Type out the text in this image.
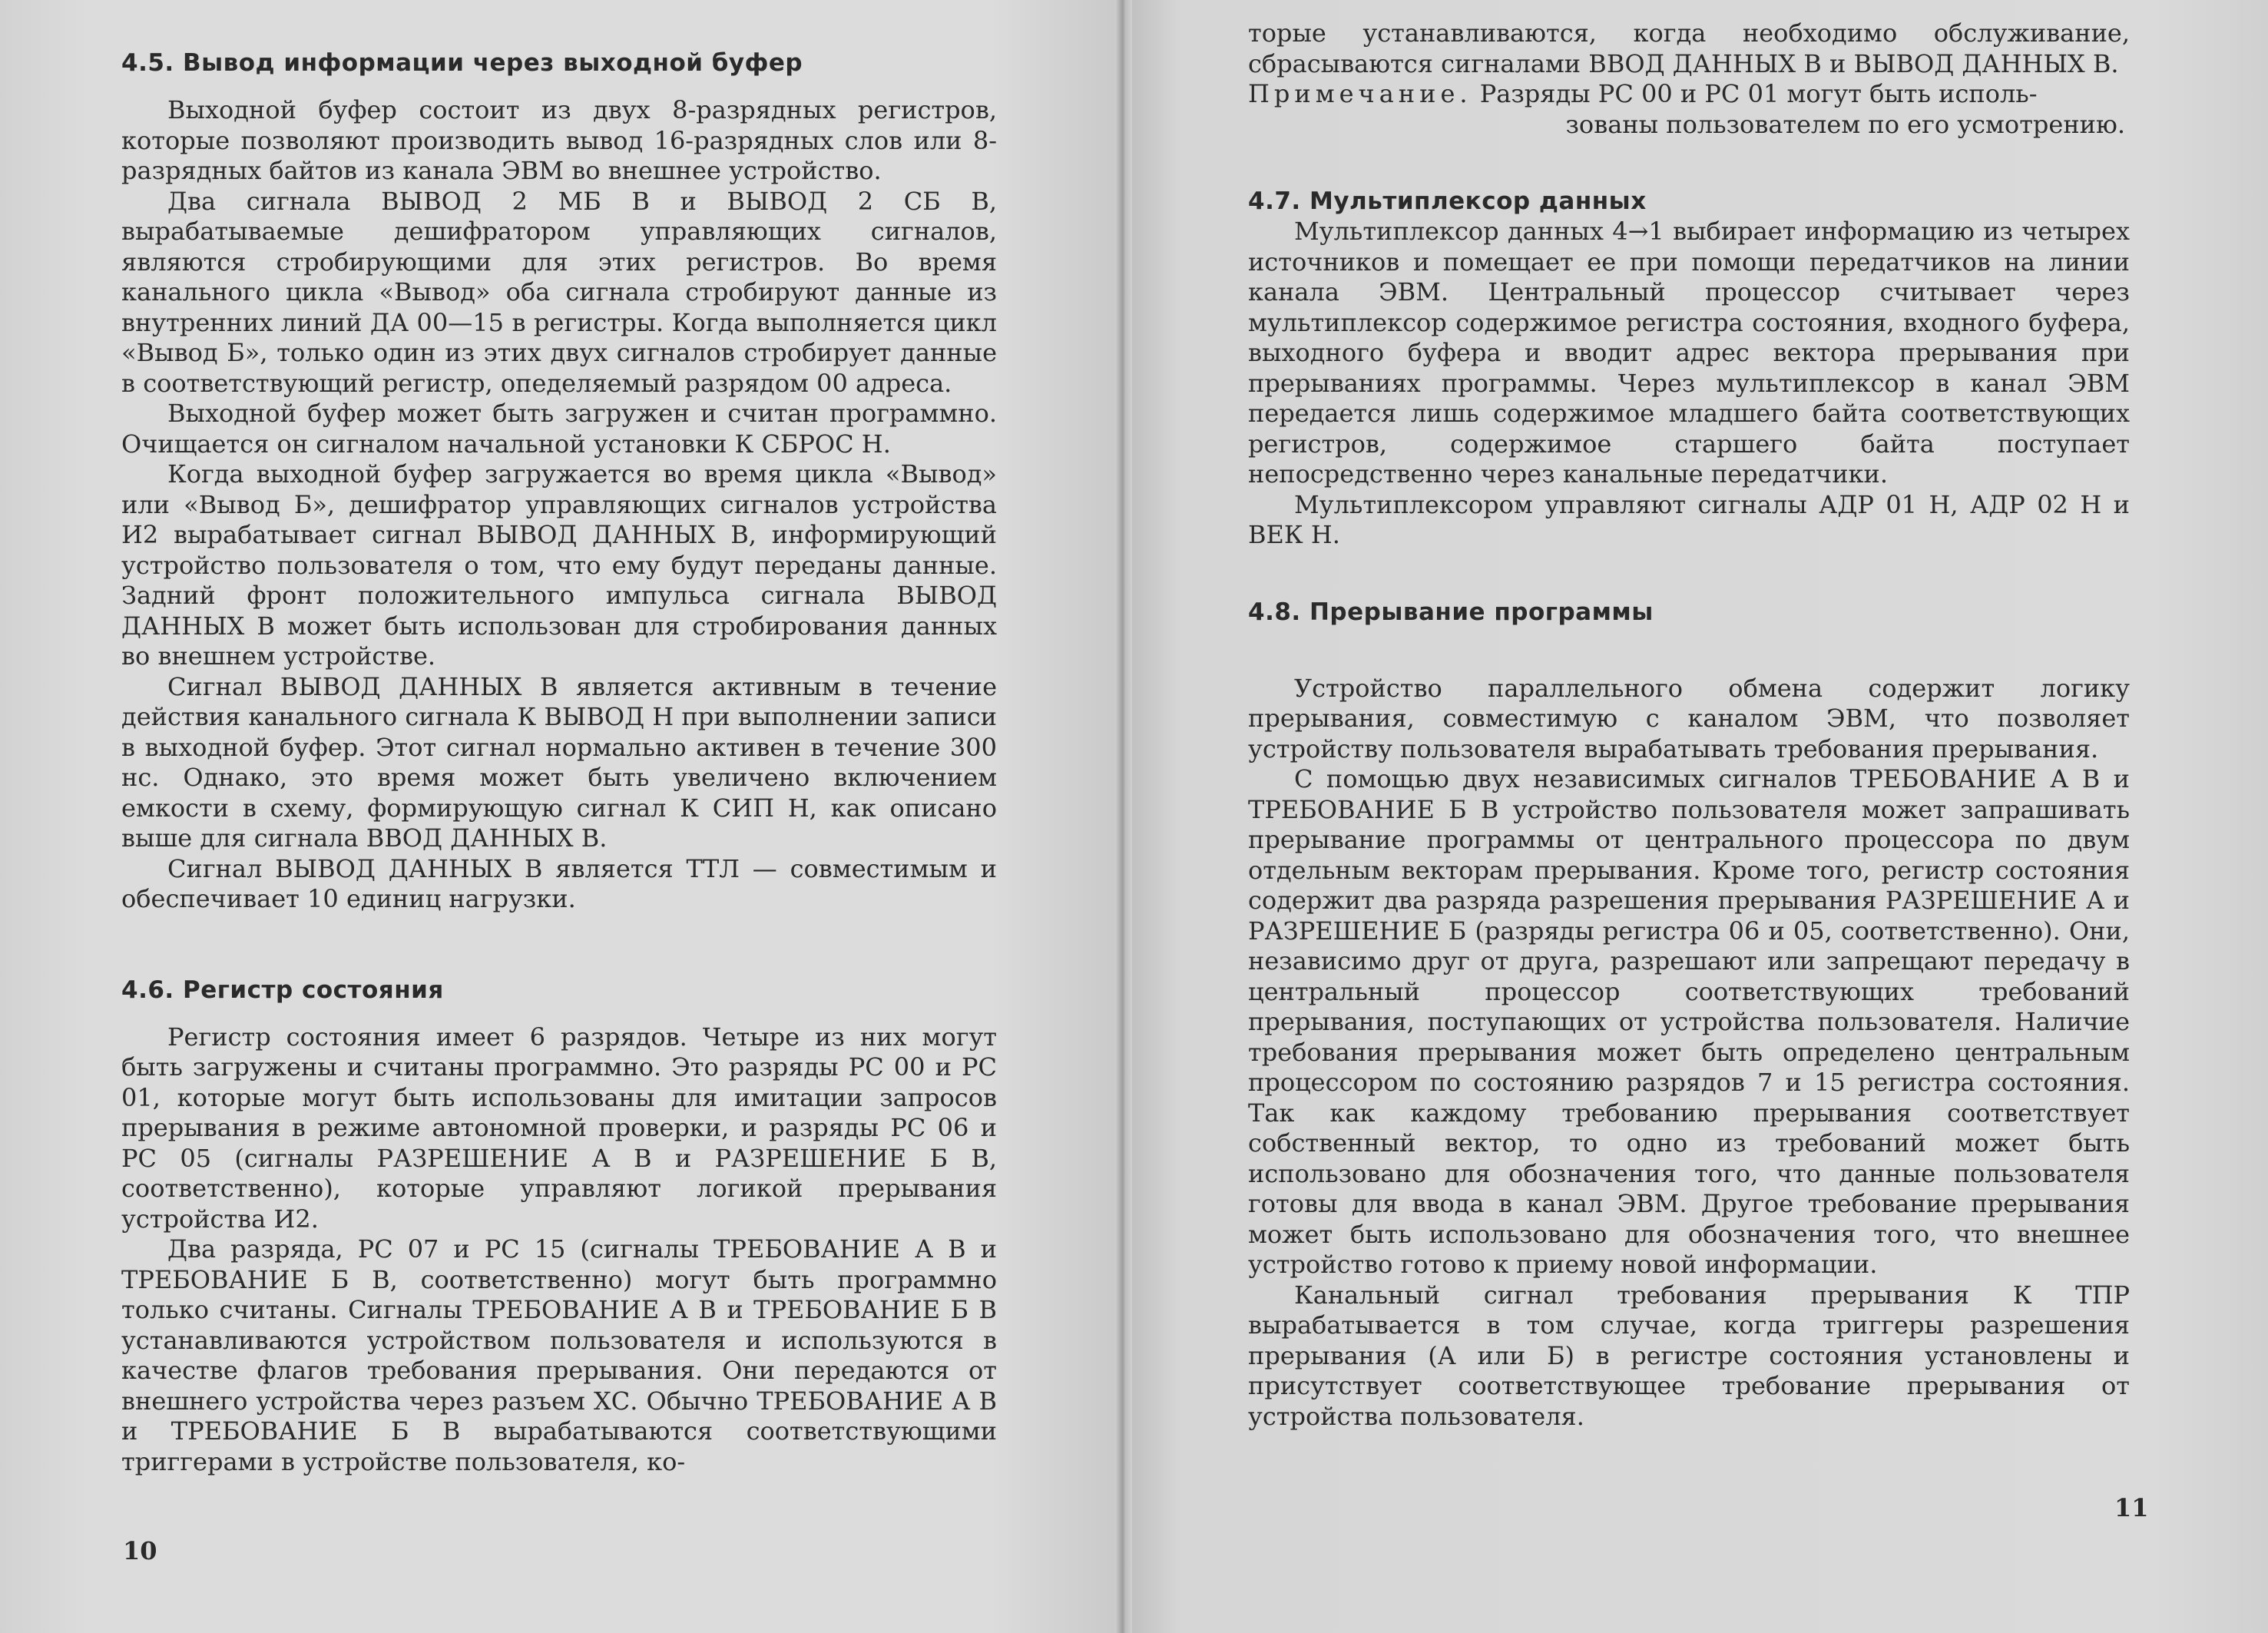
4.5. Вывод информации через выходной буфер

Выходной буфер состоит из двух 8-разрядных регистров, которые позволяют производить вывод 16-разрядных слов или 8-разрядных байтов из канала ЭВМ во внешнее устройство.

Два сигнала ВЫВОД 2 МБ В и ВЫВОД 2 СБ В, вырабатываемые дешифратором управляющих сигналов, являются стробирующими для этих регистров. Во время канального цикла «Вывод» оба сигнала стробируют данные из внутренних линий ДА 00—15 в регистры. Когда выполняется цикл «Вывод Б», только один из этих двух сигналов стробирует данные в соответствующий регистр, опеделяемый разрядом 00 адреса.

Выходной буфер может быть загружен и считан программно. Очищается он сигналом начальной установки К СБРОС Н.

Когда выходной буфер загружается во время цикла «Вывод» или «Вывод Б», дешифратор управляющих сигналов устройства И2 вырабатывает сигнал ВЫВОД ДАННЫХ В, информирующий устройство пользователя о том, что ему будут переданы данные. Задний фронт положительного импульса сигнала ВЫВОД ДАННЫХ В может быть использован для стробирования данных во внешнем устройстве.

Сигнал ВЫВОД ДАННЫХ В является активным в течение действия канального сигнала К ВЫВОД Н при выполнении записи в выходной буфер. Этот сигнал нормально активен в течение 300 нс. Однако, это время может быть увеличено включением емкости в схему, формирующую сигнал К СИП Н, как описано выше для сигнала ВВОД ДАННЫХ В.

Сигнал ВЫВОД ДАННЫХ В является ТТЛ — совместимым и обеспечивает 10 единиц нагрузки.

4.6. Регистр состояния

Регистр состояния имеет 6 разрядов. Четыре из них могут быть загружены и считаны программно. Это разряды РС 00 и РС 01, которые могут быть использованы для имитации запросов прерывания в режиме автономной проверки, и разряды РС 06 и РС 05 (сигналы РАЗРЕШЕНИЕ А В и РАЗРЕШЕНИЕ Б В, соответственно), которые управляют логикой прерывания устройства И2.

Два разряда, РС 07 и РС 15 (сигналы ТРЕБОВАНИЕ А В и ТРЕБОВАНИЕ Б В, соответственно) могут быть программно только считаны. Сигналы ТРЕБОВАНИЕ А В и ТРЕБОВАНИЕ Б В устанавливаются устройством пользователя и используются в качестве флагов требования прерывания. Они передаются от внешнего устройства через разъем ХС. Обычно ТРЕБОВАНИЕ А В и ТРЕБОВАНИЕ Б В вырабатываются соответствующими триггерами в устройстве пользователя, ко-

10

торые устанавливаются, когда необходимо обслуживание, сбрасываются сигналами ВВОД ДАННЫХ В и ВЫВОД ДАННЫХ В.

Примечание. Разряды РС 00 и РС 01 могут быть исполь-

зованы пользователем по его усмотрению.

4.7. Мультиплексор данных

Мультиплексор данных 4→1 выбирает информацию из четырех источников и помещает ее при помощи передатчиков на линии канала ЭВМ. Центральный процессор считывает через мультиплексор содержимое регистра состояния, входного буфера, выходного буфера и вводит адрес вектора прерывания при прерываниях программы. Через мультиплексор в канал ЭВМ передается лишь содержимое младшего байта соответствующих регистров, содержимое старшего байта поступает непосредственно через канальные передатчики.

Мультиплексором управляют сигналы АДР 01 Н, АДР 02 Н и ВЕК Н.

4.8. Прерывание программы

Устройство параллельного обмена содержит логику прерывания, совместимую с каналом ЭВМ, что позволяет устройству пользователя вырабатывать требования прерывания.

С помощью двух независимых сигналов ТРЕБОВАНИЕ А В и ТРЕБОВАНИЕ Б В устройство пользователя может запрашивать прерывание программы от центрального процессора по двум отдельным векторам прерывания. Кроме того, регистр состояния содержит два разряда разрешения прерывания РАЗРЕШЕНИЕ А и РАЗРЕШЕНИЕ Б (разряды регистра 06 и 05, соответственно). Они, независимо друг от друга, разрешают или запрещают передачу в центральный процессор соответствующих требований прерывания, поступающих от устройства пользователя. Наличие требования прерывания может быть определено центральным процессором по состоянию разрядов 7 и 15 регистра состояния. Так как каждому требованию прерывания соответствует собственный вектор, то одно из требований может быть использовано для обозначения того, что данные пользователя готовы для ввода в канал ЭВМ. Другое требование прерывания может быть использовано для обозначения того, что внешнее устройство готово к приему новой информации.

Канальный сигнал требования прерывания К ТПР вырабатывается в том случае, когда триггеры разрешения прерывания (А или Б) в регистре состояния установлены и присутствует соответствующее требование прерывания от устройства пользователя.

11
